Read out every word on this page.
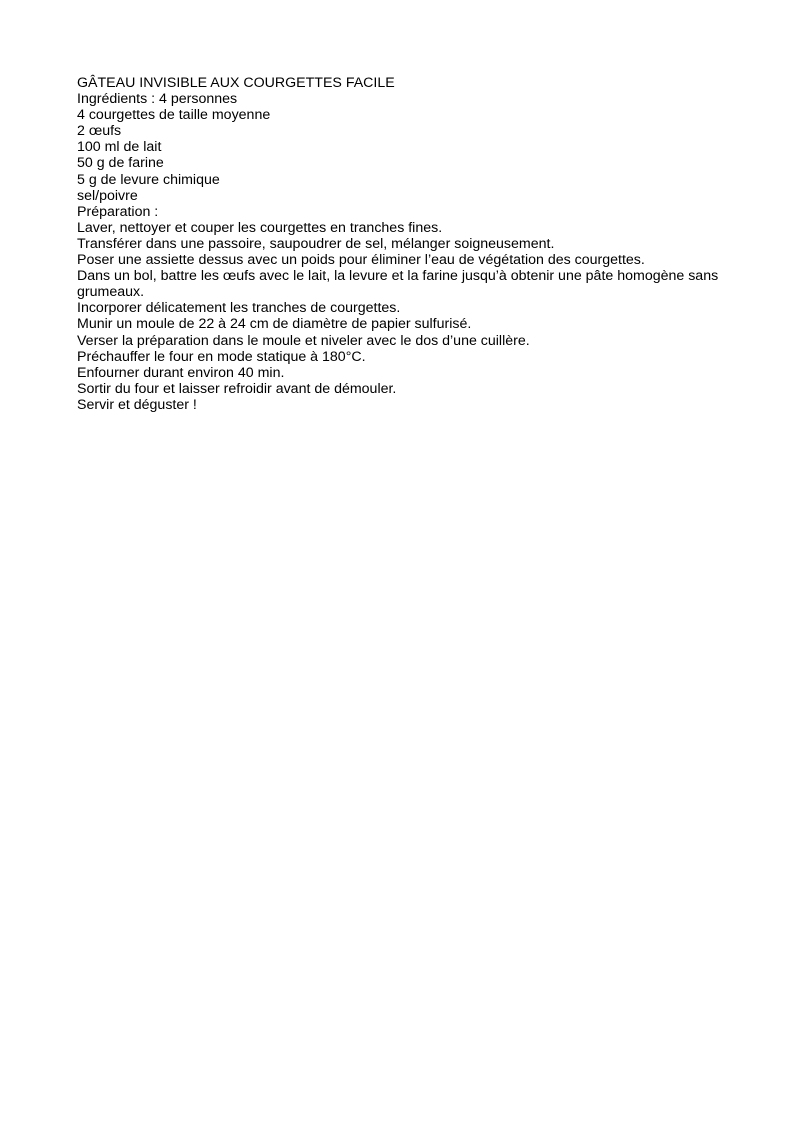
GÂTEAU INVISIBLE AUX COURGETTES FACILE
Ingrédients : 4 personnes
4 courgettes de taille moyenne
2 œufs
100 ml de lait
50 g de farine
5 g de levure chimique
sel/poivre
Préparation :
Laver, nettoyer et couper les courgettes en tranches fines.
Transférer dans une passoire, saupoudrer de sel, mélanger soigneusement.
Poser une assiette dessus avec un poids pour éliminer l’eau de végétation des courgettes.
Dans un bol, battre les œufs avec le lait, la levure et la farine jusqu’à obtenir une pâte homogène sans grumeaux.
Incorporer délicatement les tranches de courgettes.
Munir un moule de 22 à 24 cm de diamètre de papier sulfurisé.
Verser la préparation dans le moule et niveler avec le dos d’une cuillère.
Préchauffer le four en mode statique à 180°C.
Enfourner durant environ 40 min.
Sortir du four et laisser refroidir avant de démouler.
Servir et déguster !
